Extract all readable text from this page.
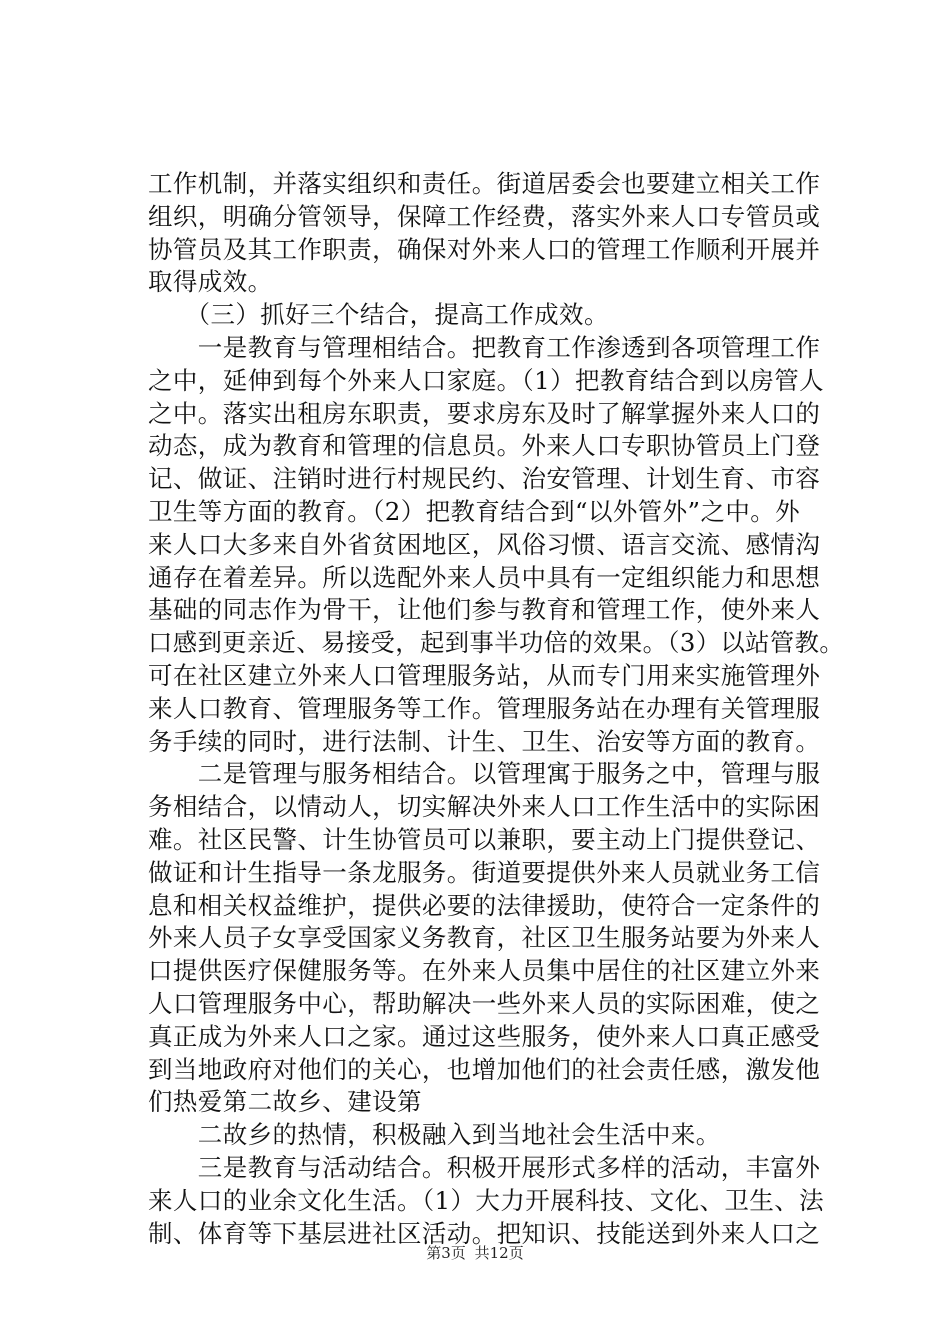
工作机制，并落实组织和责任。街道居委会也要建立相关工作
组织，明确分管领导，保障工作经费，落实外来人口专管员或
协管员及其工作职责，确保对外来人口的管理工作顺利开展并
取得成效。
　　（三）抓好三个结合，提高工作成效。
　　一是教育与管理相结合。把教育工作渗透到各项管理工作
之中，延伸到每个外来人口家庭。（1）把教育结合到以房管人
之中。落实出租房东职责，要求房东及时了解掌握外来人口的
动态，成为教育和管理的信息员。外来人口专职协管员上门登
记、做证、注销时进行村规民约、治安管理、计划生育、市容
卫生等方面的教育。（2）把教育结合到“以外管外”之中。外
来人口大多来自外省贫困地区，风俗习惯、语言交流、感情沟
通存在着差异。所以选配外来人员中具有一定组织能力和思想
基础的同志作为骨干，让他们参与教育和管理工作，使外来人
口感到更亲近、易接受，起到事半功倍的效果。（3）以站管教。
可在社区建立外来人口管理服务站，从而专门用来实施管理外
来人口教育、管理服务等工作。管理服务站在办理有关管理服
务手续的同时，进行法制、计生、卫生、治安等方面的教育。
　　二是管理与服务相结合。以管理寓于服务之中，管理与服
务相结合，以情动人，切实解决外来人口工作生活中的实际困
难。社区民警、计生协管员可以兼职，要主动上门提供登记、
做证和计生指导一条龙服务。街道要提供外来人员就业务工信
息和相关权益维护，提供必要的法律援助，使符合一定条件的
外来人员子女享受国家义务教育，社区卫生服务站要为外来人
口提供医疗保健服务等。在外来人员集中居住的社区建立外来
人口管理服务中心，帮助解决一些外来人员的实际困难，使之
真正成为外来人口之家。通过这些服务，使外来人口真正感受
到当地政府对他们的关心，也增加他们的社会责任感，激发他
们热爱第二故乡、建设第
　　二故乡的热情，积极融入到当地社会生活中来。
　　三是教育与活动结合。积极开展形式多样的活动，丰富外
来人口的业余文化生活。（1）大力开展科技、文化、卫生、法
制、体育等下基层进社区活动。把知识、技能送到外来人口之
第3页 共12页
